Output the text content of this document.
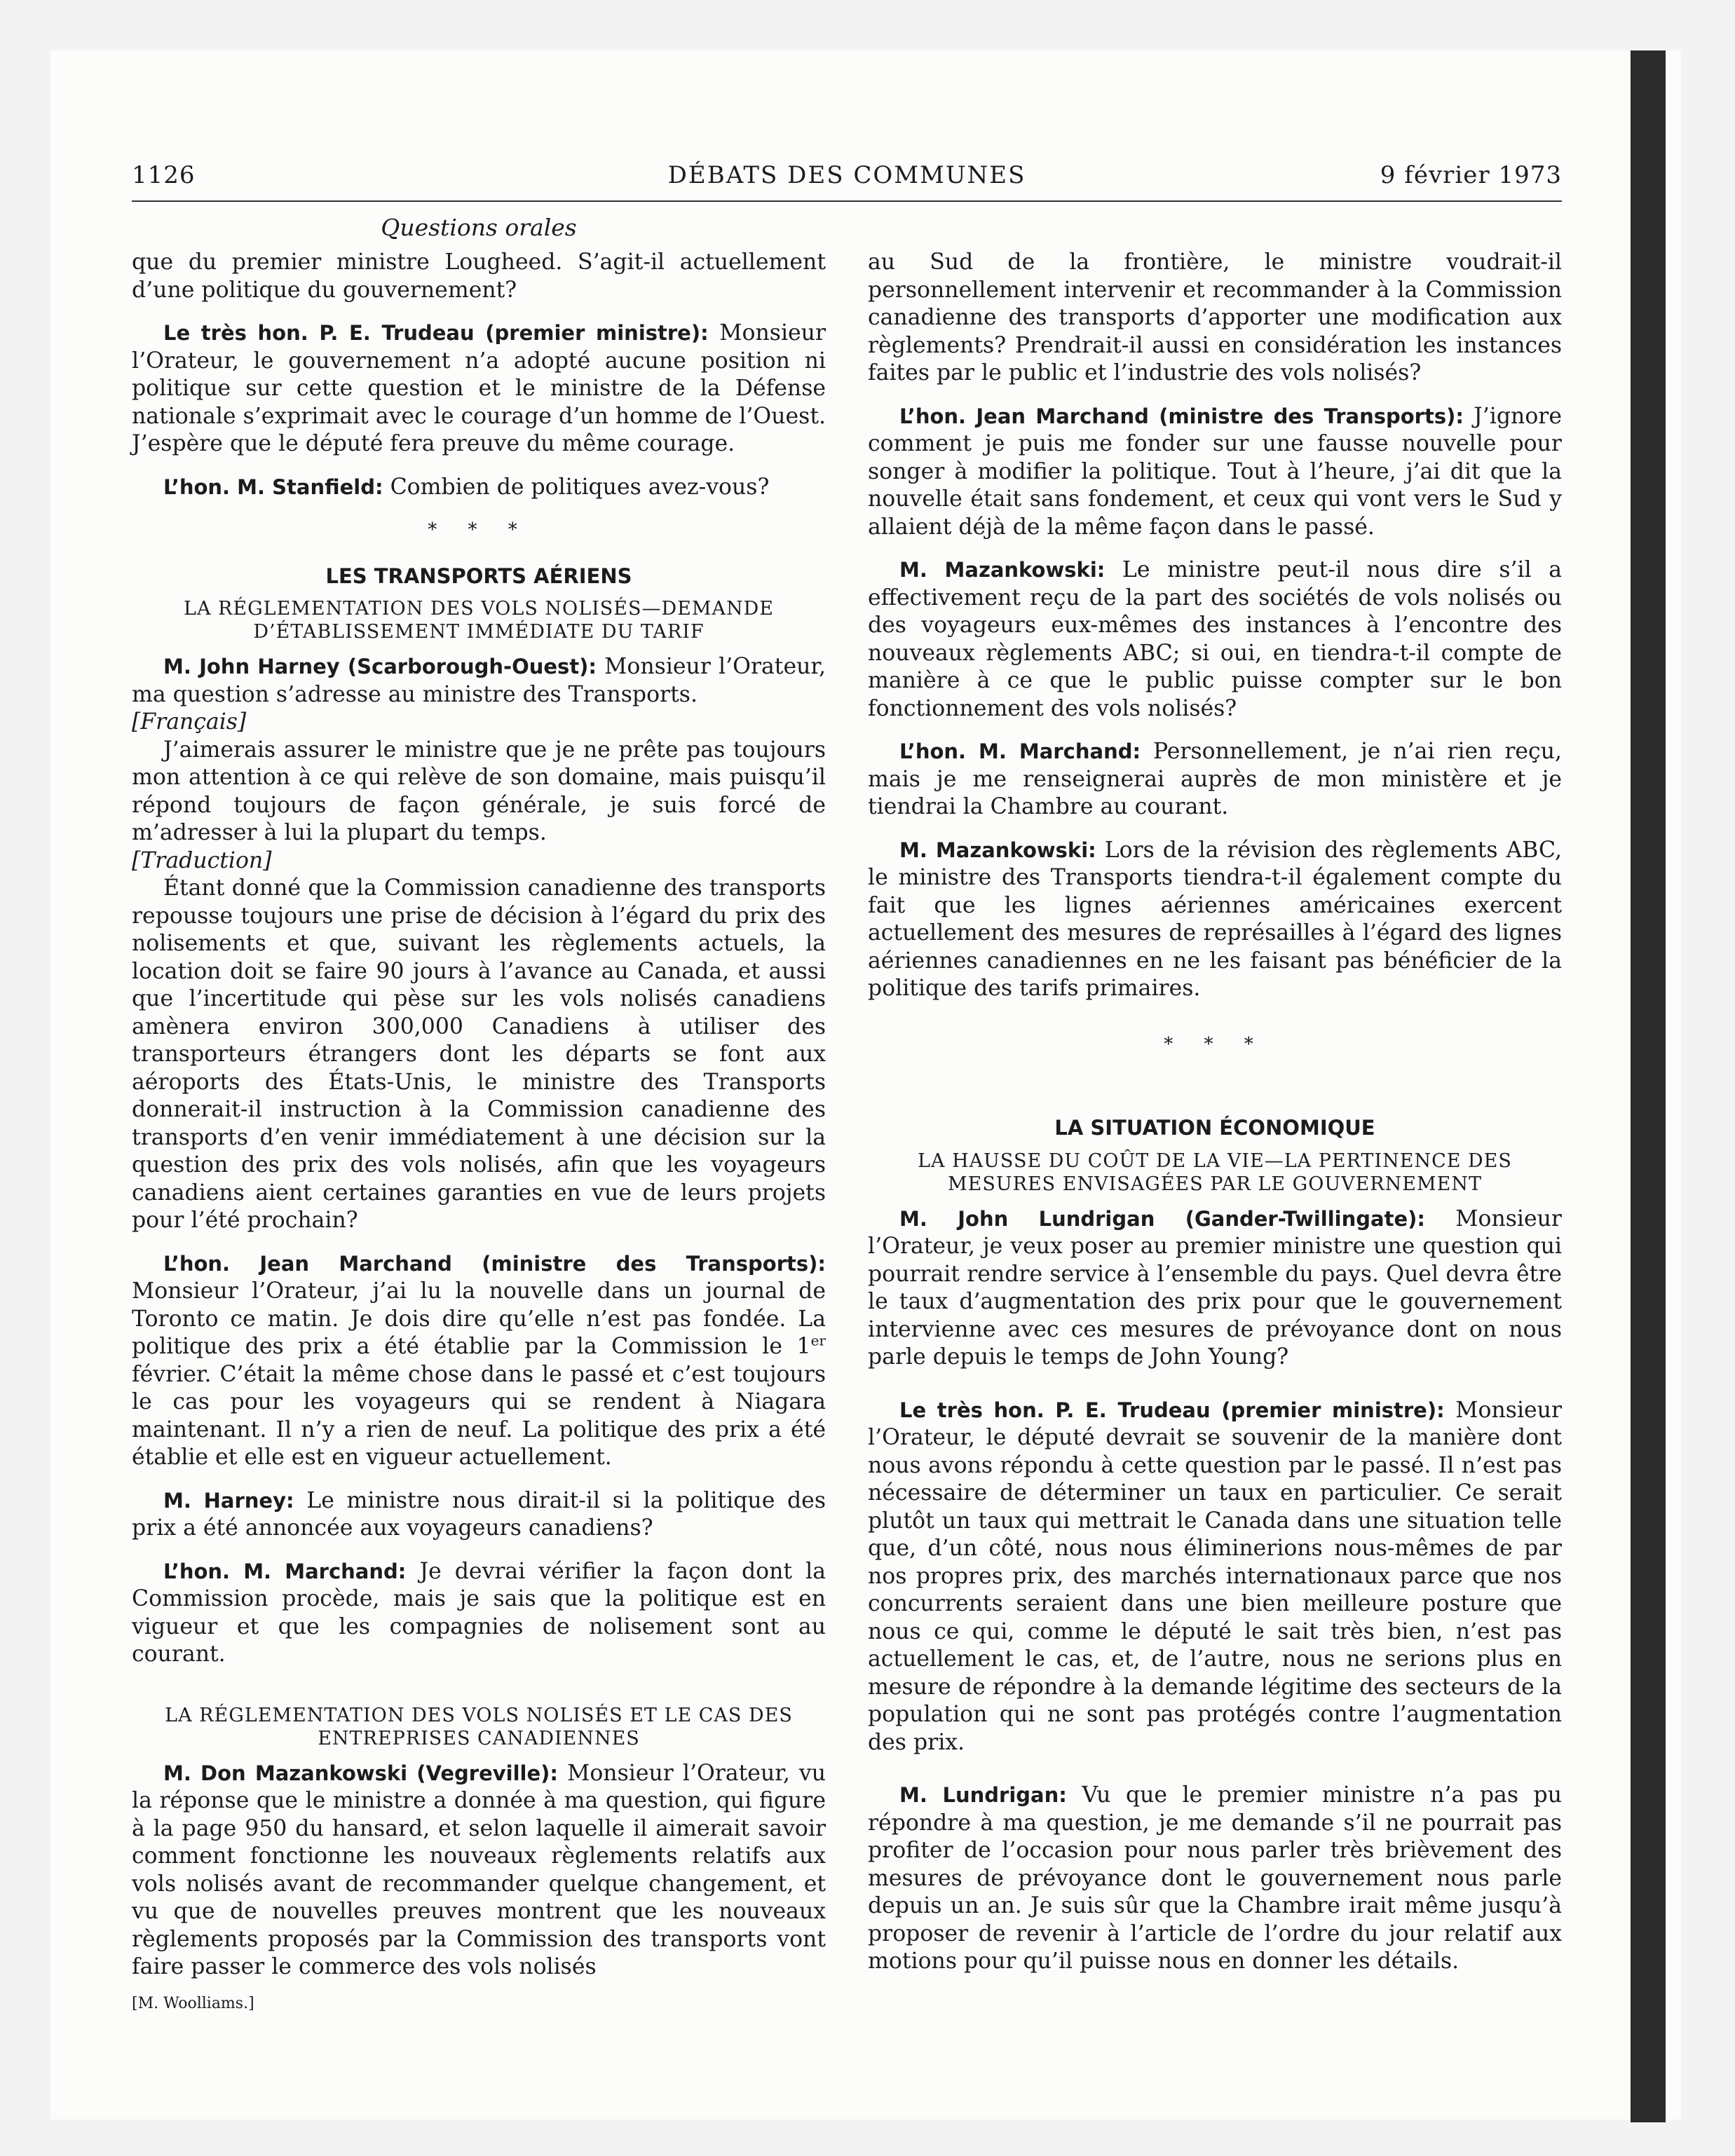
1126	DÉBATS DES COMMUNES	9 février 1973
Questions orales

que du premier ministre Lougheed. S’agit-il actuellement d’une politique du gouvernement?

Le très hon. P. E. Trudeau (premier ministre): Monsieur l’Orateur, le gouvernement n’a adopté aucune position ni politique sur cette question et le ministre de la Défense nationale s’exprimait avec le courage d’un homme de l’Ouest. J’espère que le député fera preuve du même courage.

L’hon. M. Stanfield: Combien de politiques avez-vous?

* * *
LES TRANSPORTS AÉRIENS
LA RÉGLEMENTATION DES VOLS NOLISÉS—DEMANDE D’ÉTABLISSEMENT IMMÉDIATE DU TARIF

M. John Harney (Scarborough-Ouest): Monsieur l’Orateur, ma question s’adresse au ministre des Transports.

[Français]

J’aimerais assurer le ministre que je ne prête pas toujours mon attention à ce qui relève de son domaine, mais puisqu’il répond toujours de façon générale, je suis forcé de m’adresser à lui la plupart du temps.

[Traduction]

Étant donné que la Commission canadienne des transports repousse toujours une prise de décision à l’égard du prix des nolisements et que, suivant les règlements actuels, la location doit se faire 90 jours à l’avance au Canada, et aussi que l’incertitude qui pèse sur les vols nolisés canadiens amènera environ 300,000 Canadiens à utiliser des transporteurs étrangers dont les départs se font aux aéroports des États-Unis, le ministre des Transports donnerait-il instruction à la Commission canadienne des transports d’en venir immédiatement à une décision sur la question des prix des vols nolisés, afin que les voyageurs canadiens aient certaines garanties en vue de leurs projets pour l’été prochain?

L’hon. Jean Marchand (ministre des Transports): Monsieur l’Orateur, j’ai lu la nouvelle dans un journal de Toronto ce matin. Je dois dire qu’elle n’est pas fondée. La politique des prix a été établie par la Commission le 1er février. C’était la même chose dans le passé et c’est toujours le cas pour les voyageurs qui se rendent à Niagara maintenant. Il n’y a rien de neuf. La politique des prix a été établie et elle est en vigueur actuellement.

M. Harney: Le ministre nous dirait-il si la politique des prix a été annoncée aux voyageurs canadiens?

L’hon. M. Marchand: Je devrai vérifier la façon dont la Commission procède, mais je sais que la politique est en vigueur et que les compagnies de nolisement sont au courant.

LA RÉGLEMENTATION DES VOLS NOLISÉS ET LE CAS DES ENTREPRISES CANADIENNES

M. Don Mazankowski (Vegreville): Monsieur l’Orateur, vu la réponse que le ministre a donnée à ma question, qui figure à la page 950 du hansard, et selon laquelle il aimerait savoir comment fonctionne les nouveaux règlements relatifs aux vols nolisés avant de recommander quelque changement, et vu que de nouvelles preuves montrent que les nouveaux règlements proposés par la Commission des transports vont faire passer le commerce des vols nolisés

[M. Woolliams.]

au Sud de la frontière, le ministre voudrait-il personnellement intervenir et recommander à la Commission canadienne des transports d’apporter une modification aux règlements? Prendrait-il aussi en considération les instances faites par le public et l’industrie des vols nolisés?

L’hon. Jean Marchand (ministre des Transports): J’ignore comment je puis me fonder sur une fausse nouvelle pour songer à modifier la politique. Tout à l’heure, j’ai dit que la nouvelle était sans fondement, et ceux qui vont vers le Sud y allaient déjà de la même façon dans le passé.

M. Mazankowski: Le ministre peut-il nous dire s’il a effectivement reçu de la part des sociétés de vols nolisés ou des voyageurs eux-mêmes des instances à l’encontre des nouveaux règlements ABC; si oui, en tiendra-t-il compte de manière à ce que le public puisse compter sur le bon fonctionnement des vols nolisés?

L’hon. M. Marchand: Personnellement, je n’ai rien reçu, mais je me renseignerai auprès de mon ministère et je tiendrai la Chambre au courant.

M. Mazankowski: Lors de la révision des règlements ABC, le ministre des Transports tiendra-t-il également compte du fait que les lignes aériennes américaines exercent actuellement des mesures de représailles à l’égard des lignes aériennes canadiennes en ne les faisant pas bénéficier de la politique des tarifs primaires.

* * *
LA SITUATION ÉCONOMIQUE
LA HAUSSE DU COÛT DE LA VIE—LA PERTINENCE DES MESURES ENVISAGÉES PAR LE GOUVERNEMENT

M. John Lundrigan (Gander-Twillingate): Monsieur l’Orateur, je veux poser au premier ministre une question qui pourrait rendre service à l’ensemble du pays. Quel devra être le taux d’augmentation des prix pour que le gouvernement intervienne avec ces mesures de prévoyance dont on nous parle depuis le temps de John Young?

Le très hon. P. E. Trudeau (premier ministre): Monsieur l’Orateur, le député devrait se souvenir de la manière dont nous avons répondu à cette question par le passé. Il n’est pas nécessaire de déterminer un taux en particulier. Ce serait plutôt un taux qui mettrait le Canada dans une situation telle que, d’un côté, nous nous éliminerions nous-mêmes de par nos propres prix, des marchés internationaux parce que nos concurrents seraient dans une bien meilleure posture que nous ce qui, comme le député le sait très bien, n’est pas actuellement le cas, et, de l’autre, nous ne serions plus en mesure de répondre à la demande légitime des secteurs de la population qui ne sont pas protégés contre l’augmentation des prix.

M. Lundrigan: Vu que le premier ministre n’a pas pu répondre à ma question, je me demande s’il ne pourrait pas profiter de l’occasion pour nous parler très brièvement des mesures de prévoyance dont le gouvernement nous parle depuis un an. Je suis sûr que la Chambre irait même jusqu’à proposer de revenir à l’article de l’ordre du jour relatif aux motions pour qu’il puisse nous en donner les détails.
